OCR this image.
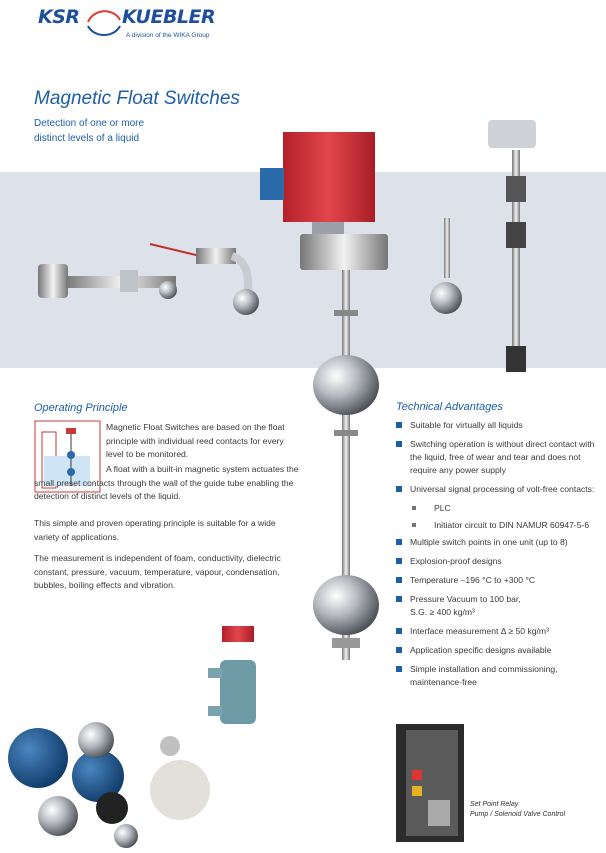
KSR KUEBLER
A division of the WIKA Group
Magnetic Float Switches
Detection of one or more
distinct levels of a liquid
Operating Principle
Magnetic Float Switches are based on the float principle with individual reed contacts for every level to be monitored.
A float with a built-in magnetic system actuates the small preset contacts through the wall of the guide tube enabling the detection of distinct levels of the liquid.
This simple and proven operating principle is suitable for a wide variety of applications.
The measurement is independent of foam, conductivity, dielectric constant, pressure, vacuum, temperature, vapour, condensation, bubbles, boiling effects and vibration.
Technical Advantages
Suitable for virtually all liquids
Switching operation is without direct contact with the liquid, free of wear and tear and does not require any power supply
Universal signal processing of volt-free contacts:
PLC
Initiator circuit to DIN NAMUR 60947-5-6
Multiple switch points in one unit (up to 8)
Explosion-proof designs
Temperature –196 °C to +300 °C
Pressure Vacuum to 100 bar,
S.G. ≥ 400 kg/m³
Interface measurement Δ ≥ 50 kg/m³
Application specific designs available
Simple installation and commissioning, maintenance-free
Set Point Relay
Pump / Solenoid Valve Control
